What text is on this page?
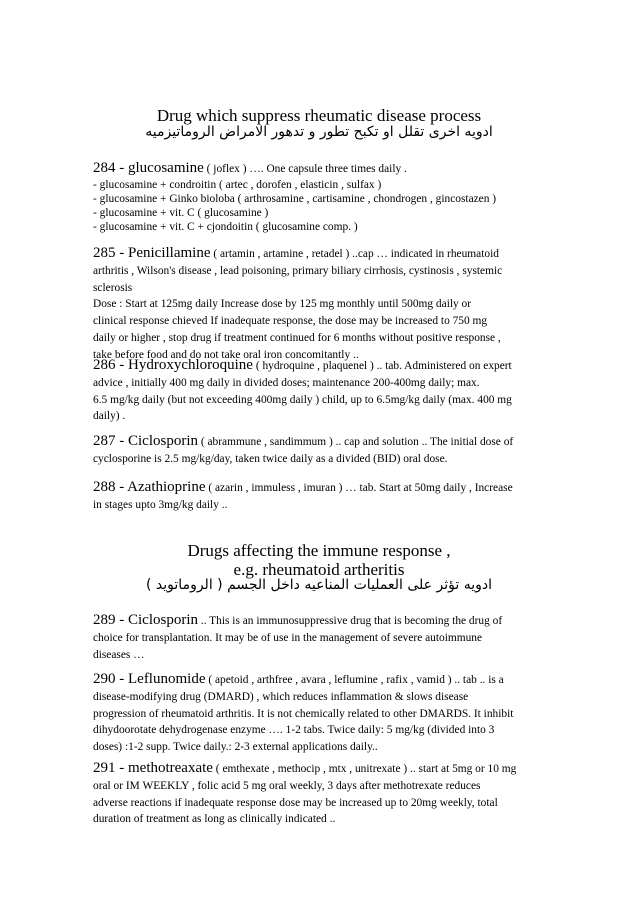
Drug which suppress rheumatic disease process
ادويه اخرى تقلل او تكبح تطور و تدهور الامراض الروماتيزميه
284 - glucosamine ( joflex ) …. One capsule three times daily .
- glucosamine + condroitin ( artec , dorofen , elasticin , sulfax )
- glucosamine + Ginko bioloba ( arthrosamine , cartisamine , chondrogen , gincostazen )
- glucosamine + vit. C ( glucosamine )
- glucosamine + vit. C + cjondoitin ( glucosamine comp. )
285 - Penicillamine ( artamin , artamine , retadel ) ..cap … indicated in rheumatoid
arthritis , Wilson's disease , lead poisoning, primary biliary cirrhosis, cystinosis , systemic
sclerosis
Dose : Start at 125mg daily Increase dose by 125 mg monthly until 500mg daily or
clinical response chieved If inadequate response, the dose may be increased to 750 mg
daily or higher , stop drug if treatment continued for 6 months without positive response ,
take before food and do not take oral iron concomitantly ..
286 - Hydroxychloroquine ( hydroquine , plaquenel ) .. tab. Administered on expert
advice , initially 400 mg daily in divided doses; maintenance 200-400mg daily; max.
6.5 mg/kg daily (but not exceeding 400mg daily ) child, up to 6.5mg/kg daily (max. 400 mg
daily) .
287 - Ciclosporin ( abrammune , sandimmum ) .. cap and solution .. The initial dose of
cyclosporine is 2.5 mg/kg/day, taken twice daily as a divided (BID) oral dose.
288 - Azathioprine ( azarin , immuless , imuran ) … tab. Start at 50mg daily , Increase
in stages upto 3mg/kg daily ..
Drugs affecting the immune response ,
e.g. rheumatoid artheritis
ادويه تؤثر على العمليات المناعيه داخل الجسم ( الروماتويد )
289 - Ciclosporin .. This is an immunosuppressive drug that is becoming the drug of
choice for transplantation. It may be of use in the management of severe autoimmune
diseases …
290 - Leflunomide ( apetoid , arthfree , avara , leflumine , rafix , vamid ) .. tab .. is a
disease-modifying drug (DMARD) , which reduces inflammation & slows disease
progression of rheumatoid arthritis. It is not chemically related to other DMARDS. It inhibit
dihydoorotate dehydrogenase enzyme …. 1-2 tabs. Twice daily: 5 mg/kg (divided into 3
doses) :1-2 supp. Twice daily.: 2-3 external applications daily..
291 - methotreaxate ( emthexate , methocip , mtx , unitrexate ) .. start at 5mg or 10 mg
oral or IM WEEKLY , folic acid 5 mg oral weekly, 3 days after methotrexate reduces
adverse reactions if inadequate response dose may be increased up to 20mg weekly, total
duration of treatment as long as clinically indicated ..
